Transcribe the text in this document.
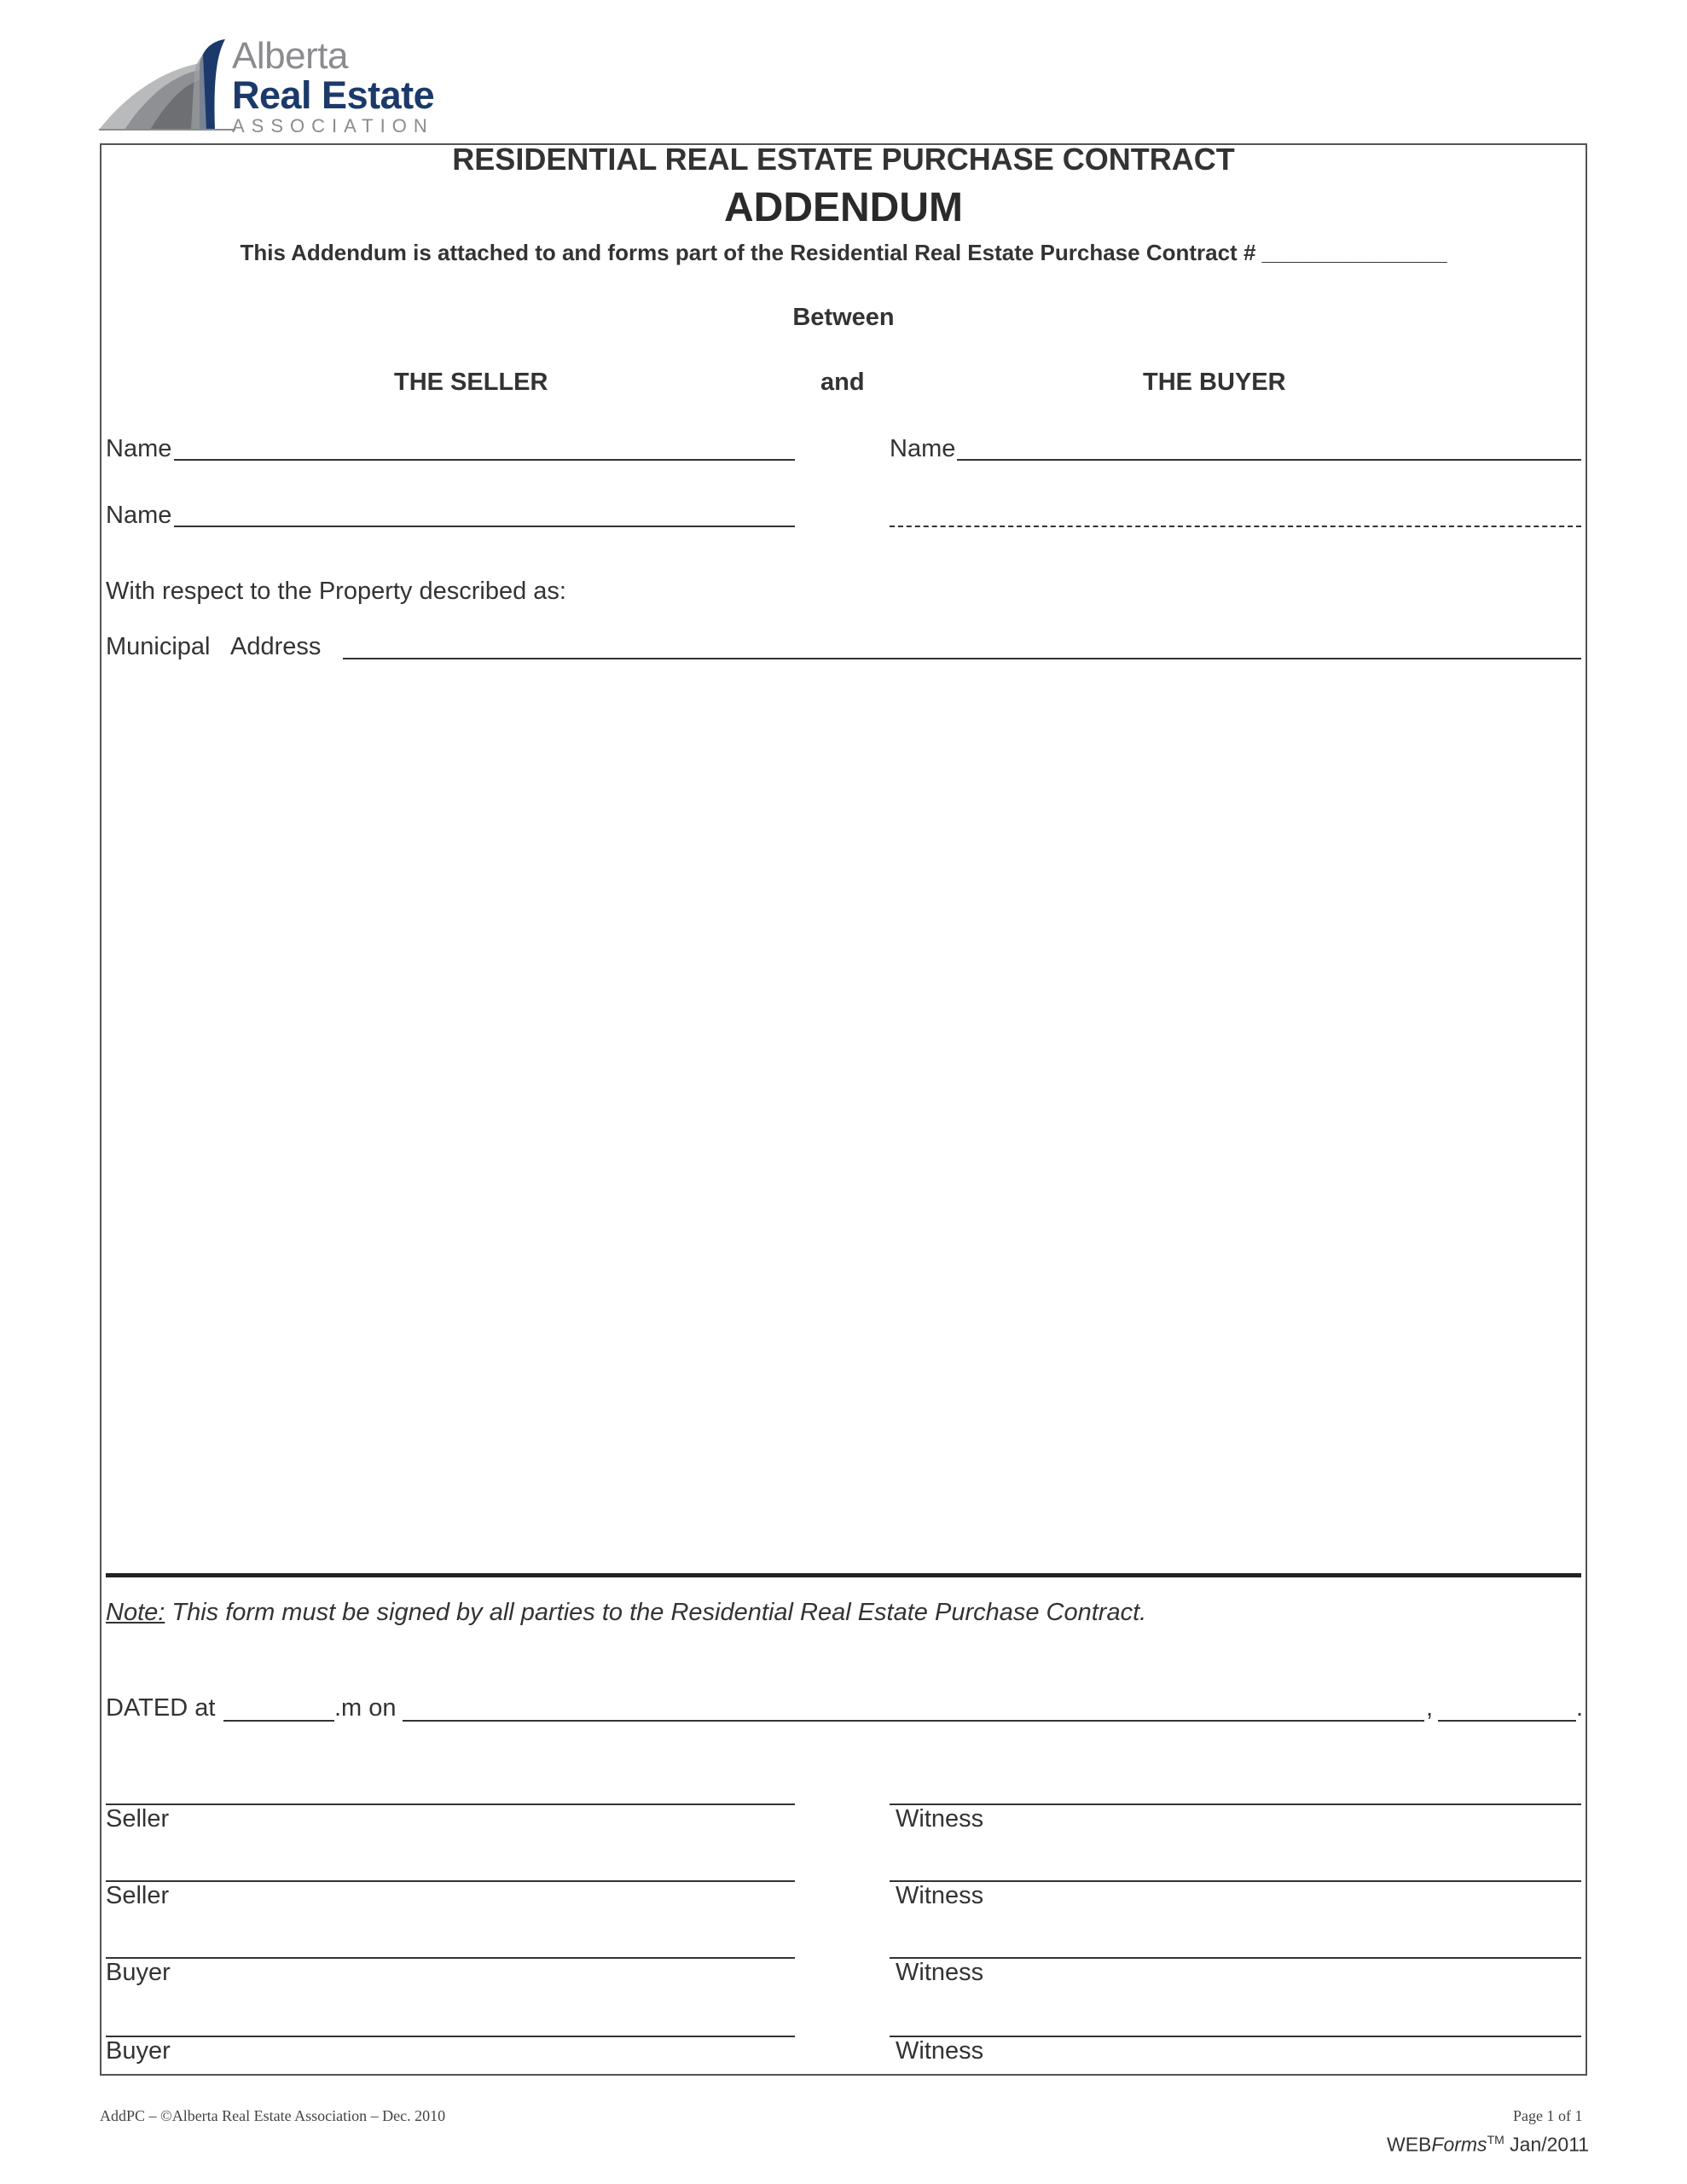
Alberta
Real Estate
ASSOCIATION
RESIDENTIAL REAL ESTATE PURCHASE CONTRACT
ADDENDUM
This Addendum is attached to and forms part of the Residential Real Estate Purchase Contract # _______________
Between
THE SELLER	and	THE BUYER
Name	Name
Name
With respect to the Property described as:
Municipal Address
Note: This form must be signed by all parties to the Residential Real Estate Purchase Contract.
DATED at	.m on	,	.
Seller	Witness
Seller	Witness
Buyer	Witness
Buyer	Witness
AddPC – ©Alberta Real Estate Association – Dec. 2010	Page 1 of 1
WEBForms™ Jan/2011
